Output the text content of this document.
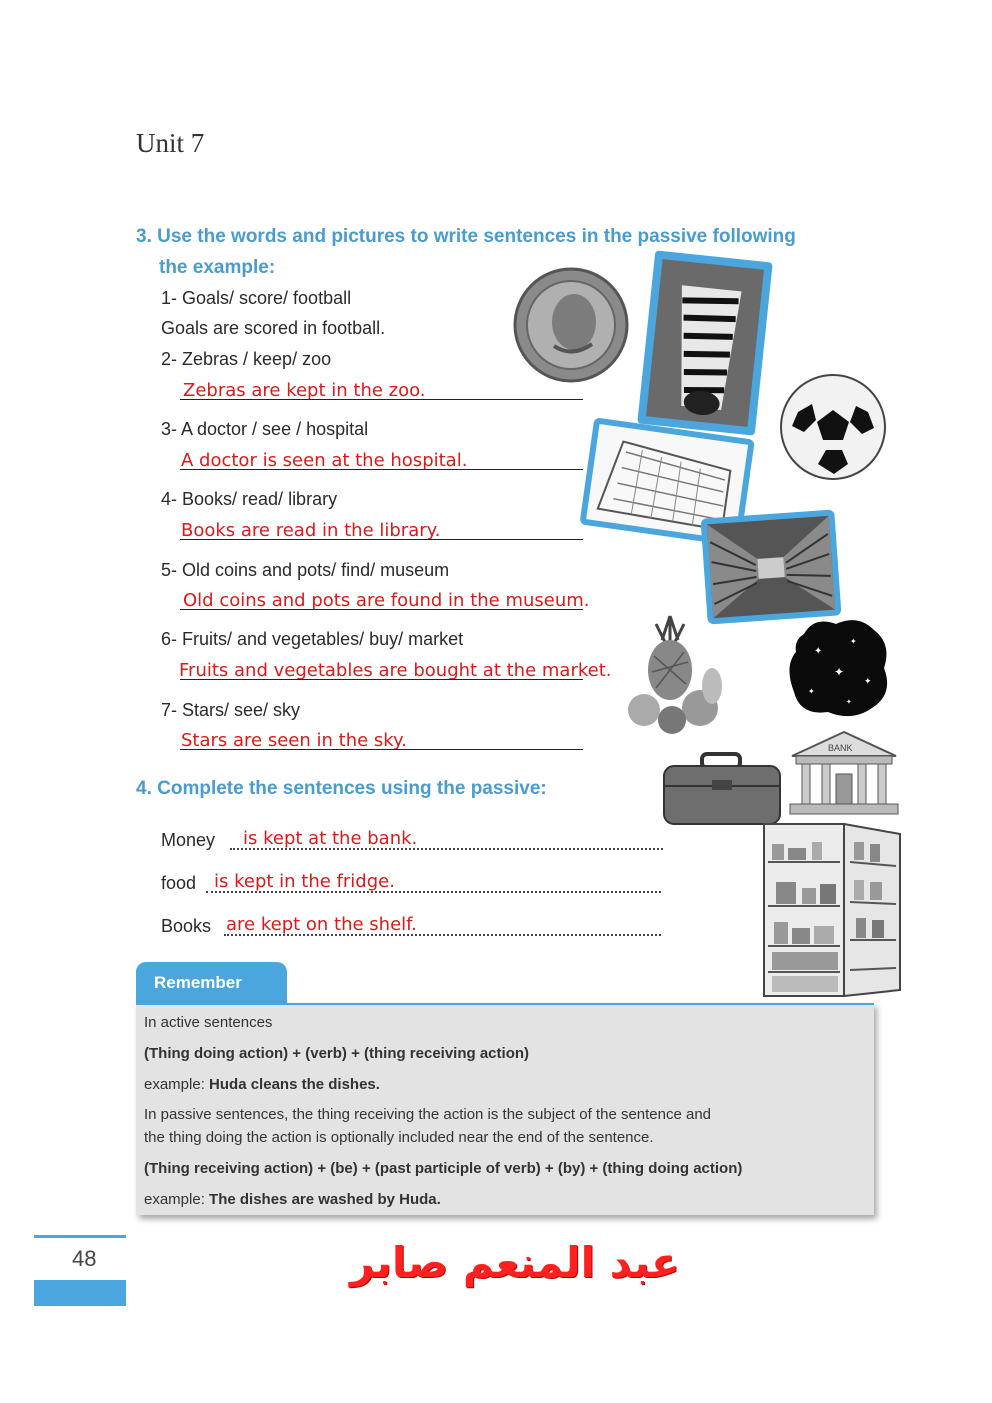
Unit 7
3. Use the words and pictures to write sentences in the passive following
the example:
1- Goals/ score/ football
Goals are scored in football.
2- Zebras / keep/ zoo
Zebras are kept in the zoo.
3- A doctor / see / hospital
A doctor is seen at the hospital.
4- Books/ read/ library
Books are read in the library.
5- Old coins and pots/ find/ museum
Old coins and pots are found in the museum.
6- Fruits/ and vegetables/ buy/ market
Fruits and vegetables are bought at the market.
7- Stars/ see/ sky
Stars are seen in the sky.
4. Complete the sentences using the passive:
Money is kept at the bank.
food is kept in the fridge.
Books are kept on the shelf.
✦
✦
✦
✦
✦
✦
BANK
Remember
In active sentences
(Thing doing action) + (verb) + (thing receiving action)
example: Huda cleans the dishes.
In passive sentences, the thing receiving the action is the subject of the sentence and
the thing doing the action is optionally included near the end of the sentence.
(Thing receiving action) + (be) + (past participle of verb) + (by) + (thing doing action)
example: The dishes are washed by Huda.
48	عبد المنعم صابر
